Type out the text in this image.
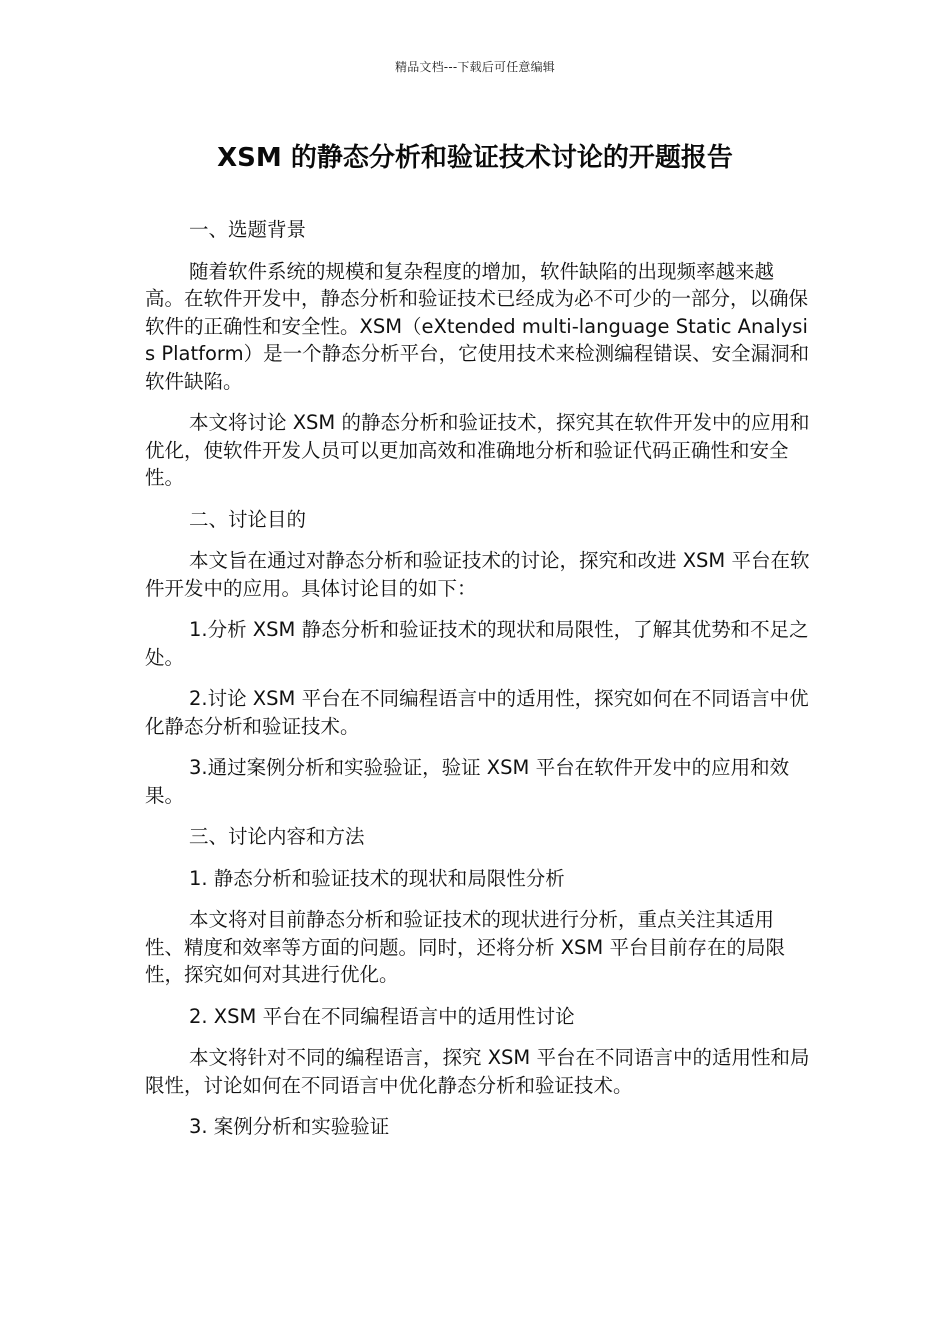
精品文档---下载后可任意编辑
XSM 的静态分析和验证技术讨论的开题报告

一、选题背景

随着软件系统的规模和复杂程度的增加，软件缺陷的出现频率越来越高。在软件开发中，静态分析和验证技术已经成为必不可少的一部分，以确保软件的正确性和安全性。XSM（eXtended multi-language Static Analysis Platform）是一个静态分析平台，它使用技术来检测编程错误、安全漏洞和软件缺陷。

本文将讨论 XSM 的静态分析和验证技术，探究其在软件开发中的应用和优化，使软件开发人员可以更加高效和准确地分析和验证代码正确性和安全性。

二、讨论目的

本文旨在通过对静态分析和验证技术的讨论，探究和改进 XSM 平台在软件开发中的应用。具体讨论目的如下：

1.分析 XSM 静态分析和验证技术的现状和局限性，了解其优势和不足之处。

2.讨论 XSM 平台在不同编程语言中的适用性，探究如何在不同语言中优化静态分析和验证技术。

3.通过案例分析和实验验证，验证 XSM 平台在软件开发中的应用和效果。

三、讨论内容和方法

1. 静态分析和验证技术的现状和局限性分析

本文将对目前静态分析和验证技术的现状进行分析，重点关注其适用性、精度和效率等方面的问题。同时，还将分析 XSM 平台目前存在的局限性，探究如何对其进行优化。

2. XSM 平台在不同编程语言中的适用性讨论

本文将针对不同的编程语言，探究 XSM 平台在不同语言中的适用性和局限性，讨论如何在不同语言中优化静态分析和验证技术。

3. 案例分析和实验验证
